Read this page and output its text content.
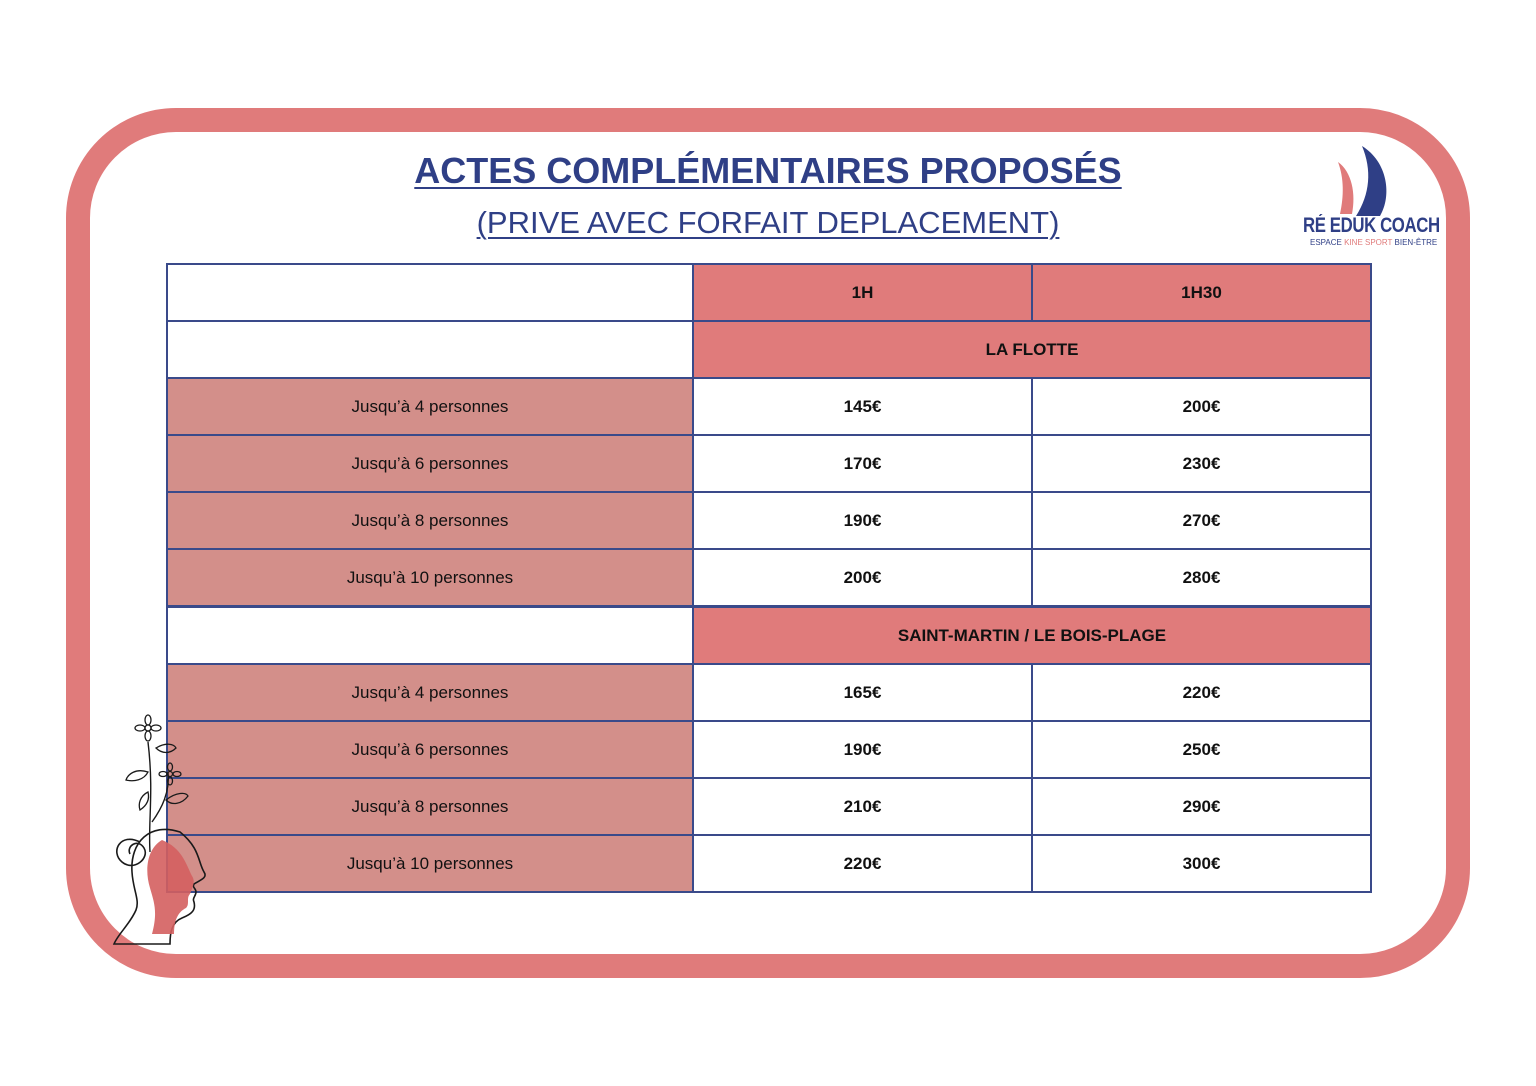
ACTES COMPLÉMENTAIRES PROPOSÉS
(PRIVE AVEC FORFAIT DEPLACEMENT)	RÉ EDUK COACH
ESPACE KINE SPORT BIEN-ÊTRE
	1H	1H30
	LA FLOTTE	
Jusqu’à 4 personnes	145€	200€
Jusqu’à 6 personnes	170€	230€
Jusqu’à 8 personnes	190€	270€
Jusqu’à 10 personnes	200€	280€
	SAINT-MARTIN / LE BOIS-PLAGE	
Jusqu’à 4 personnes	165€	220€
Jusqu’à 6 personnes	190€	250€
Jusqu’à 8 personnes	210€	290€
Jusqu’à 10 personnes	220€	300€
